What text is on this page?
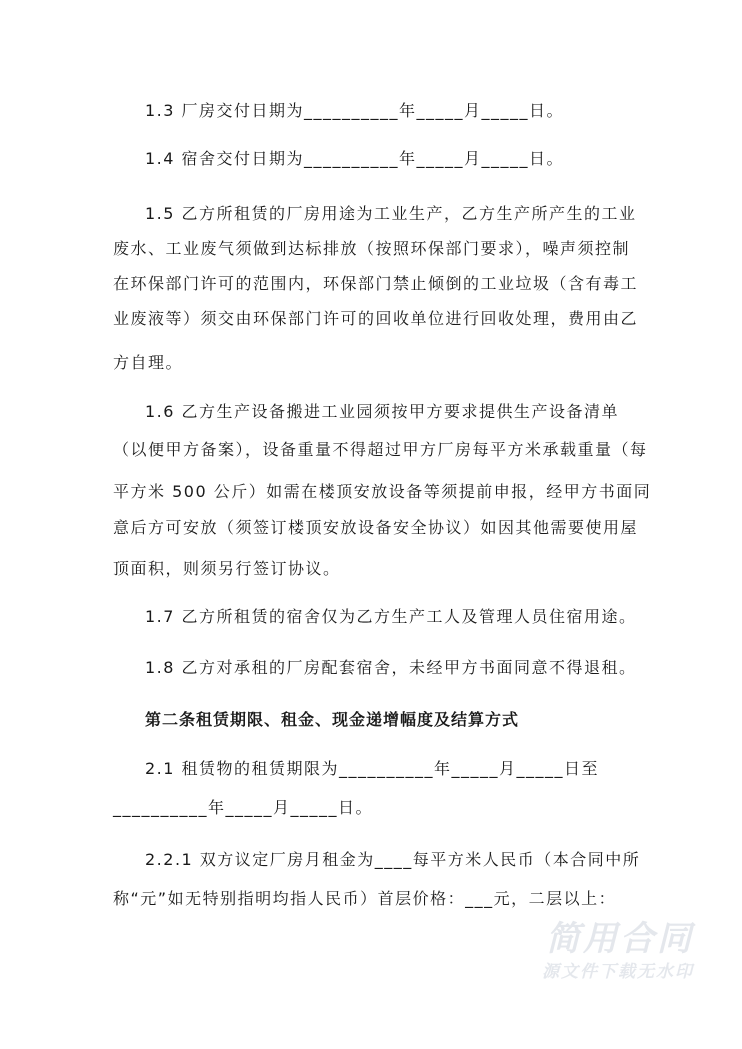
1.3 厂房交付日期为__________年_____月_____日。
1.4 宿舍交付日期为__________年_____月_____日。
1.5 乙方所租赁的厂房用途为工业生产，乙方生产所产生的工业
废水、工业废气须做到达标排放（按照环保部门要求），噪声须控制
在环保部门许可的范围内，环保部门禁止倾倒的工业垃圾（含有毒工
业废液等）须交由环保部门许可的回收单位进行回收处理，费用由乙
方自理。
1.6 乙方生产设备搬进工业园须按甲方要求提供生产设备清单
（以便甲方备案），设备重量不得超过甲方厂房每平方米承载重量（每
平方米 500 公斤）如需在楼顶安放设备等须提前申报，经甲方书面同
意后方可安放（须签订楼顶安放设备安全协议）如因其他需要使用屋
顶面积，则须另行签订协议。
1.7 乙方所租赁的宿舍仅为乙方生产工人及管理人员住宿用途。
1.8 乙方对承租的厂房配套宿舍，未经甲方书面同意不得退租。
第二条租赁期限、租金、现金递增幅度及结算方式
2.1 租赁物的租赁期限为__________年_____月_____日至
__________年_____月_____日。
2.2.1 双方议定厂房月租金为____每平方米人民币（本合同中所
称“元”如无特别指明均指人民币）首层价格：___元，二层以上：
简用合同
源文件下载无水印
